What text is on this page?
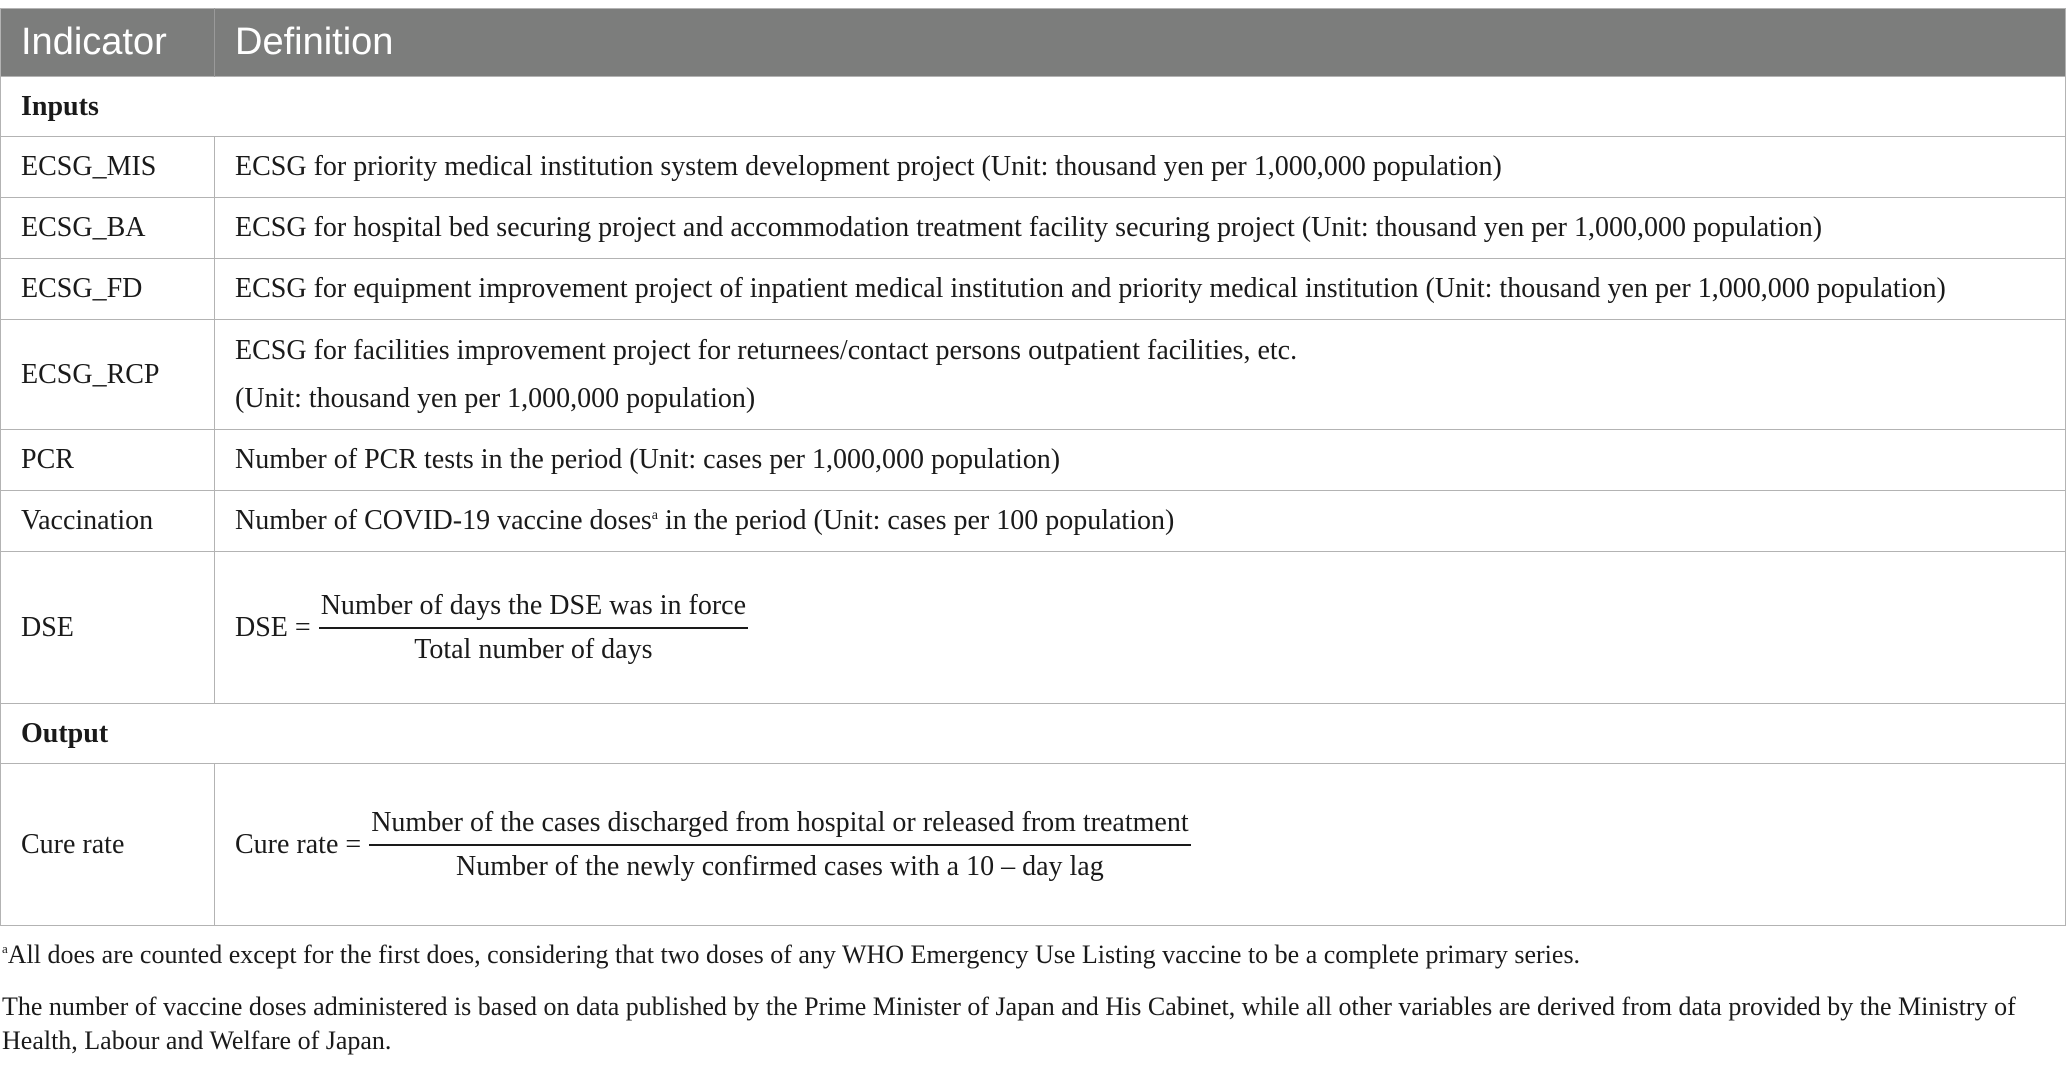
Indicator	Definition
Inputs	
ECSG_MIS	ECSG for priority medical institution system development project (Unit: thousand yen per 1,000,000 population)
ECSG_BA	ECSG for hospital bed securing project and accommodation treatment facility securing project (Unit: thousand yen per 1,000,000 population)
ECSG_FD	ECSG for equipment improvement project of inpatient medical institution and priority medical institution (Unit: thousand yen per 1,000,000 population)
ECSG_RCP	ECSG for facilities improvement project for returnees/contact persons outpatient facilities, etc.
(Unit: thousand yen per 1,000,000 population)
PCR	Number of PCR tests in the period (Unit: cases per 1,000,000 population)
Vaccination	Number of COVID-19 vaccine doses$^a$ in the period (Unit: cases per 100 population)
DSE	DSE = $\frac{\text{Number of days the DSE was in force}}{\text{Total number of days}}$

Output	
Cure rate	Cure rate =
Number of the cases discharged from hospital or released from treatment
Number of the newly confirmed cases with a 10 – day lag

$^a$All does are counted except for the first does, considering that two doses of any WHO Emergency Use Listing vaccine to be a complete primary series.

The number of vaccine doses administered is based on data published by the Prime Minister of Japan and His Cabinet, while all other variables are derived from data provided by the Ministry of Health, Labour and Welfare of Japan.
